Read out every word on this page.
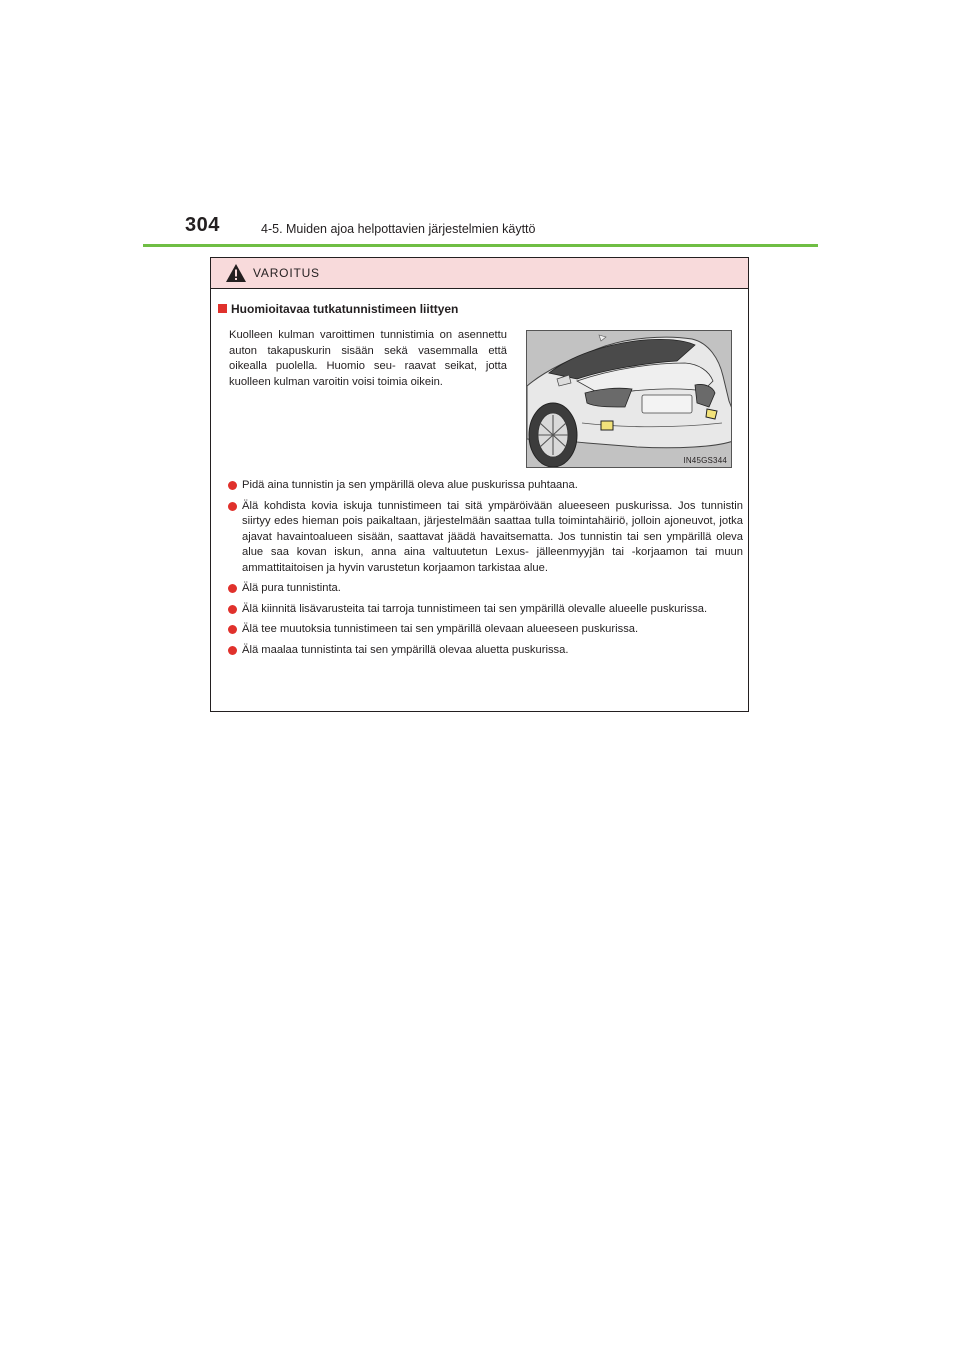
304	4-5. Muiden ajoa helpottavien järjestelmien käyttö
VAROITUS
Huomioitavaa tutkatunnistimeen liittyen
Kuolleen kulman varoittimen tunnistimia on asennettu auton takapuskurin sisään sekä vasemmalla että oikealla puolella. Huomio seu- raavat seikat, jotta kuolleen kulman varoitin voisi toimia oikein.
IN45GS344
Pidä aina tunnistin ja sen ympärillä oleva alue puskurissa puhtaana.
Älä kohdista kovia iskuja tunnistimeen tai sitä ympäröivään alueeseen puskurissa. Jos tunnistin siirtyy edes hieman pois paikaltaan, järjestelmään saattaa tulla toimintahäiriö, jolloin ajoneuvot, jotka ajavat havaintoalueen sisään, saattavat jäädä havaitsematta. Jos tunnistin tai sen ympärillä oleva alue saa kovan iskun, anna aina valtuutetun Lexus- jälleenmyyjän tai -korjaamon tai muun ammattitaitoisen ja hyvin varustetun korjaamon tarkistaa alue.
Älä pura tunnistinta.
Älä kiinnitä lisävarusteita tai tarroja tunnistimeen tai sen ympärillä olevalle alueelle puskurissa.
Älä tee muutoksia tunnistimeen tai sen ympärillä olevaan alueeseen puskurissa.
Älä maalaa tunnistinta tai sen ympärillä olevaa aluetta puskurissa.
